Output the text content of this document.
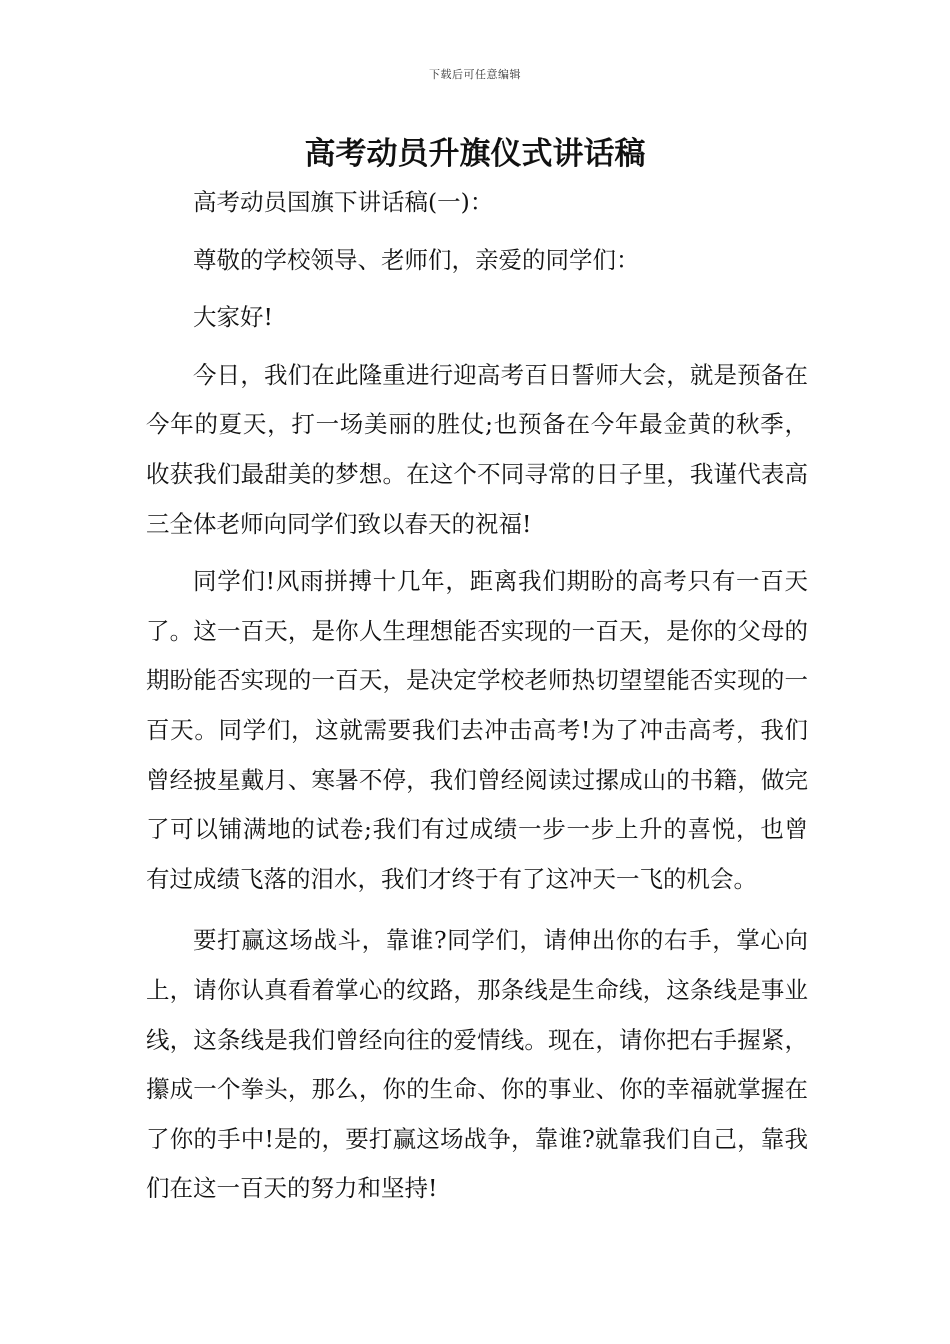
下载后可任意编辑
高考动员升旗仪式讲话稿

高考动员国旗下讲话稿(一)：

尊敬的学校领导、老师们，亲爱的同学们：

大家好!

今日，我们在此隆重进行迎高考百日誓师大会，就是预备在今年的夏天，打一场美丽的胜仗;也预备在今年最金黄的秋季，收获我们最甜美的梦想。在这个不同寻常的日子里，我谨代表高三全体老师向同学们致以春天的祝福!

同学们!风雨拼搏十几年，距离我们期盼的高考只有一百天了。这一百天，是你人生理想能否实现的一百天，是你的父母的期盼能否实现的一百天，是决定学校老师热切望望能否实现的一百天。同学们，这就需要我们去冲击高考!为了冲击高考，我们曾经披星戴月、寒暑不停，我们曾经阅读过摞成山的书籍，做完了可以铺满地的试卷;我们有过成绩一步一步上升的喜悦，也曾有过成绩飞落的泪水，我们才终于有了这冲天一飞的机会。

要打赢这场战斗，靠谁?同学们，请伸出你的右手，掌心向上，请你认真看着掌心的纹路，那条线是生命线，这条线是事业线，这条线是我们曾经向往的爱情线。现在，请你把右手握紧，攥成一个拳头，那么，你的生命、你的事业、你的幸福就掌握在了你的手中!是的，要打赢这场战争，靠谁?就靠我们自己，靠我们在这一百天的努力和坚持!
